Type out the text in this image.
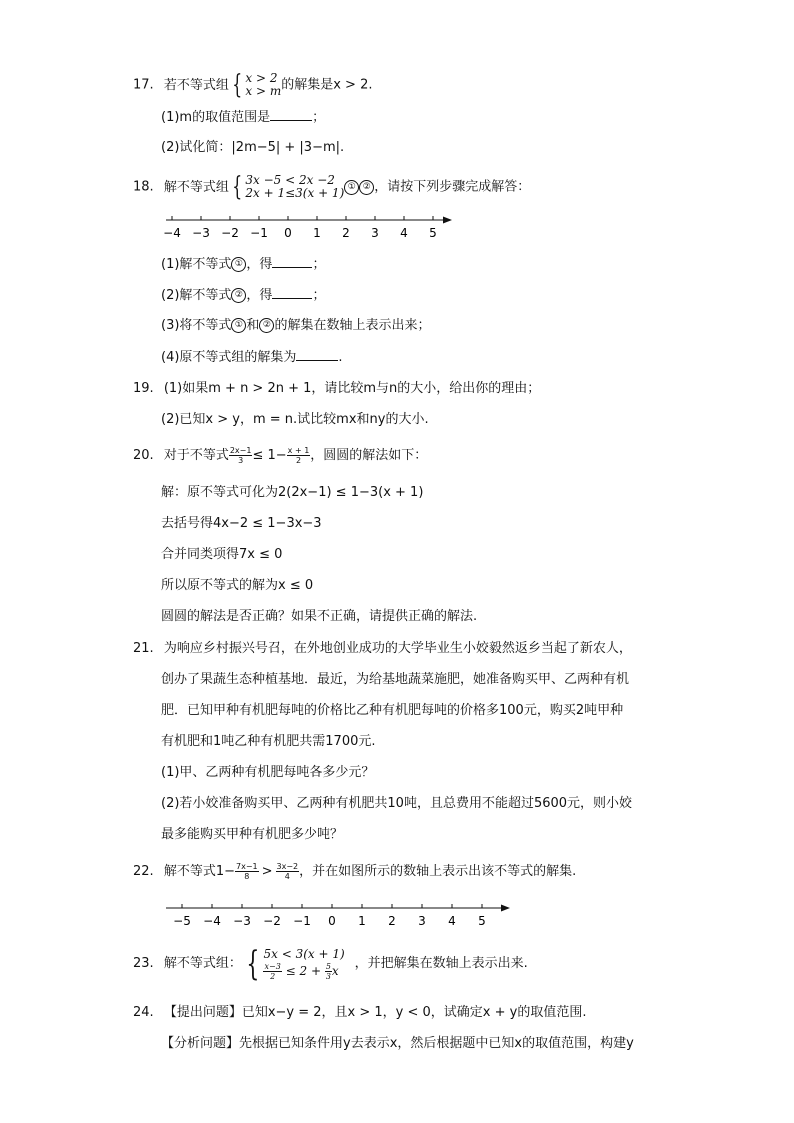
17. 若不等式组 { x > 2
x > m 的解集是x > 2.
(1)m的取值范围是	；
(2)试化简：|2m−5| + |3−m|.
18. 解不等式组 { 3x −5 < 2x −2
2x + 1≤3(x + 1) ① ② ，请按下列步骤完成解答：
−4 −3 −2 −1 0 1 2 3 4 5
(1)解不等式 ① ，得	；
(2)解不等式 ② ，得	；
(3)将不等式 ① 和 ② 的解集在数轴上表示出来；
(4)原不等式组的解集为	.
19. (1)如果m + n > 2n + 1，请比较m与n的大小，给出你的理由；
(2)已知x > y，m = n.试比较mx和ny的大小.
20. 对于不等式 $\frac{2x-1}{3} \le 1- \frac{x + 1}{2}$ ，圆圆的解法如下：
解：原不等式可化为2(2x−1) ≤ 1−3(x + 1)
去括号得4x−2 ≤ 1−3x−3
合并同类项得7x ≤ 0
所以原不等式的解为x ≤ 0
圆圆的解法是否正确？如果不正确，请提供正确的解法.
21. 为响应乡村振兴号召，在外地创业成功的大学毕业生小姣毅然返乡当起了新农人，
创办了果蔬生态种植基地．最近，为给基地蔬菜施肥，她准备购买甲、乙两种有机
肥．已知甲种有机肥每吨的价格比乙种有机肥每吨的价格多100元，购买2吨甲种
有机肥和1吨乙种有机肥共需1700元.
(1)甲、乙两种有机肥每吨各多少元？
(2)若小姣准备购买甲、乙两种有机肥共10吨，且总费用不能超过5600元，则小姣
最多能购买甲种有机肥多少吨？
22. 解不等式$1- \frac{7x-1}{8} > \frac{3x-2}{4}$ ，并在如图所示的数轴上表示出该不等式的解集.
−5 −4 −3 −2 −1 0 1 2 3 4 5
23. 解不等式组： { 5x < 3(x + 1)
$\frac{x-3}{2} \le 2 + \frac{5}{3}$ x	，并把解集在数轴上表示出来.
24. 【提出问题】已知x−y = 2，且x > 1，y < 0，试确定x + y的取值范围.
【分析问题】先根据已知条件用y去表示x，然后根据题中已知x的取值范围，构建y
